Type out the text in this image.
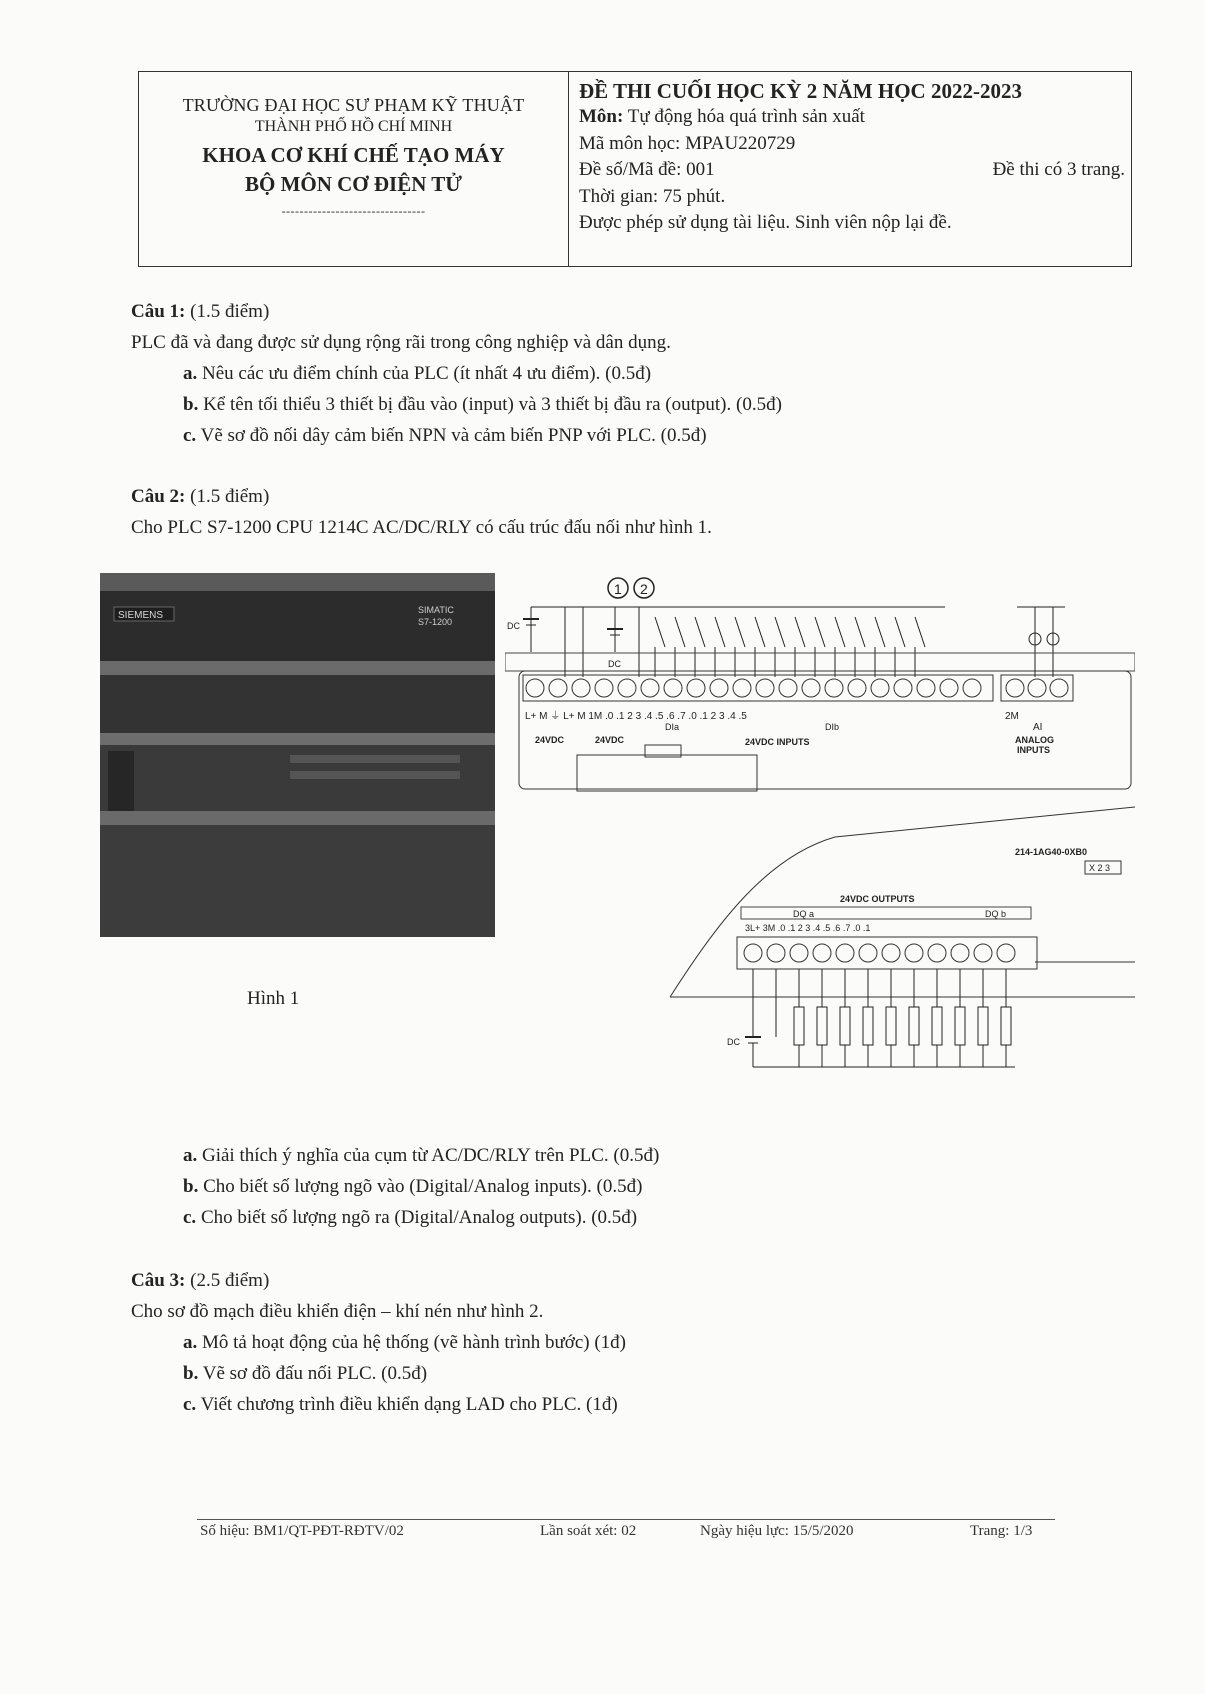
TRƯỜNG ĐẠI HỌC SƯ PHẠM KỸ THUẬT
THÀNH PHỐ HỒ CHÍ MINH
KHOA CƠ KHÍ CHẾ TẠO MÁY
BỘ MÔN CƠ ĐIỆN TỬ
--------------------------------
ĐỀ THI CUỐI HỌC KỲ 2 NĂM HỌC 2022-2023
Môn: Tự động hóa quá trình sản xuất
Mã môn học: MPAU220729
Đề số/Mã đề: 001	Đề thi có 3 trang.
Thời gian: 75 phút.
Được phép sử dụng tài liệu. Sinh viên nộp lại đề.
Câu 1: (1.5 điểm)
PLC đã và đang được sử dụng rộng rãi trong công nghiệp và dân dụng.
a. Nêu các ưu điểm chính của PLC (ít nhất 4 ưu điểm). (0.5đ)
b. Kể tên tối thiểu 3 thiết bị đầu vào (input) và 3 thiết bị đầu ra (output). (0.5đ)
c. Vẽ sơ đồ nối dây cảm biến NPN và cảm biến PNP với PLC. (0.5đ)
Câu 2: (1.5 điểm)
Cho PLC S7-1200 CPU 1214C AC/DC/RLY có cấu trúc đấu nối như hình 1.
SIEMENS	SIMATIC
S7-1200
1 2
DC
DC
L+ M ⏚ L+ M 1M .0 .1 2 3 .4 .5 .6 .7 .0 .1 2 3 .4 .5	2M
AI
24VDC	24VDC
DIa	DIb
24VDC INPUTS	ANALOG
INPUTS
214-1AG40-0XB0
X 2 3
24VDC OUTPUTS
DQ a	DQ b
3L+ 3M .0 .1 2 3 .4 .5 .6 .7 .0 .1
DC
Hình 1
a. Giải thích ý nghĩa của cụm từ AC/DC/RLY trên PLC. (0.5đ)
b. Cho biết số lượng ngõ vào (Digital/Analog inputs). (0.5đ)
c. Cho biết số lượng ngõ ra (Digital/Analog outputs). (0.5đ)
Câu 3: (2.5 điểm)
Cho sơ đồ mạch điều khiển điện – khí nén như hình 2.
a. Mô tả hoạt động của hệ thống (vẽ hành trình bước) (1đ)
b. Vẽ sơ đồ đấu nối PLC. (0.5đ)
c. Viết chương trình điều khiển dạng LAD cho PLC. (1đ)
Số hiệu: BM1/QT-PĐT-RĐTV/02	Lần soát xét: 02	Ngày hiệu lực: 15/5/2020	Trang: 1/3
